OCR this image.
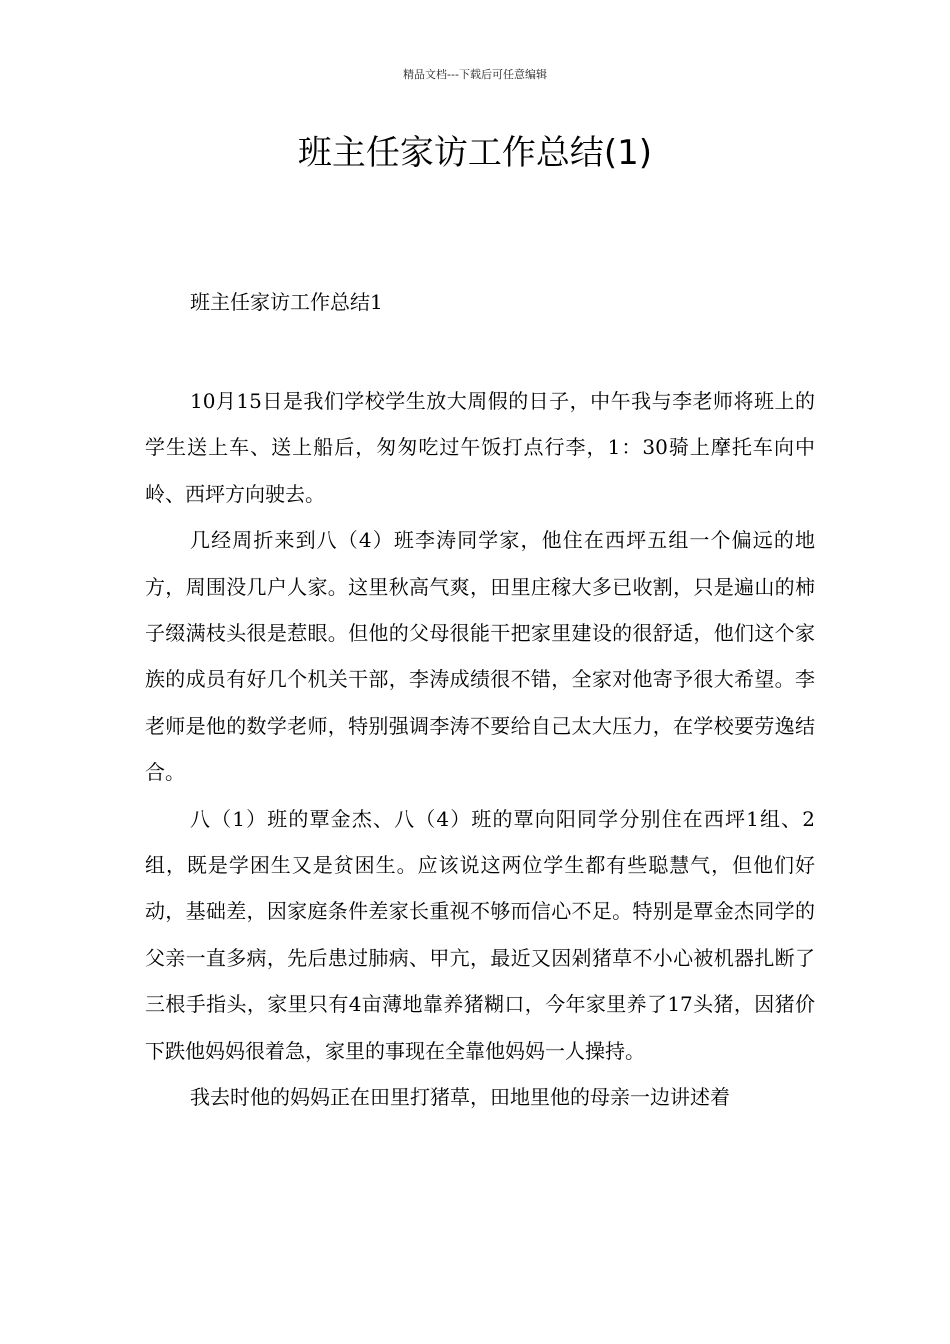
精品文档---下载后可任意编辑
班主任家访工作总结(1)

班主任家访工作总结1

10月15日是我们学校学生放大周假的日子，中午我与李老师将班上的学生送上车、送上船后，匆匆吃过午饭打点行李，1：30骑上摩托车向中岭、西坪方向驶去。

几经周折来到八（4）班李涛同学家，他住在西坪五组一个偏远的地方，周围没几户人家。这里秋高气爽，田里庄稼大多已收割，只是遍山的柿子缀满枝头很是惹眼。但他的父母很能干把家里建设的很舒适，他们这个家族的成员有好几个机关干部，李涛成绩很不错，全家对他寄予很大希望。李老师是他的数学老师，特别强调李涛不要给自己太大压力，在学校要劳逸结合。

八（1）班的覃金杰、八（4）班的覃向阳同学分别住在西坪1组、2组，既是学困生又是贫困生。应该说这两位学生都有些聪慧气，但他们好动，基础差，因家庭条件差家长重视不够而信心不足。特别是覃金杰同学的父亲一直多病，先后患过肺病、甲亢，最近又因剁猪草不小心被机器扎断了三根手指头，家里只有4亩薄地靠养猪糊口，今年家里养了17头猪，因猪价下跌他妈妈很着急，家里的事现在全靠他妈妈一人操持。

我去时他的妈妈正在田里打猪草，田地里他的母亲一边讲述着
